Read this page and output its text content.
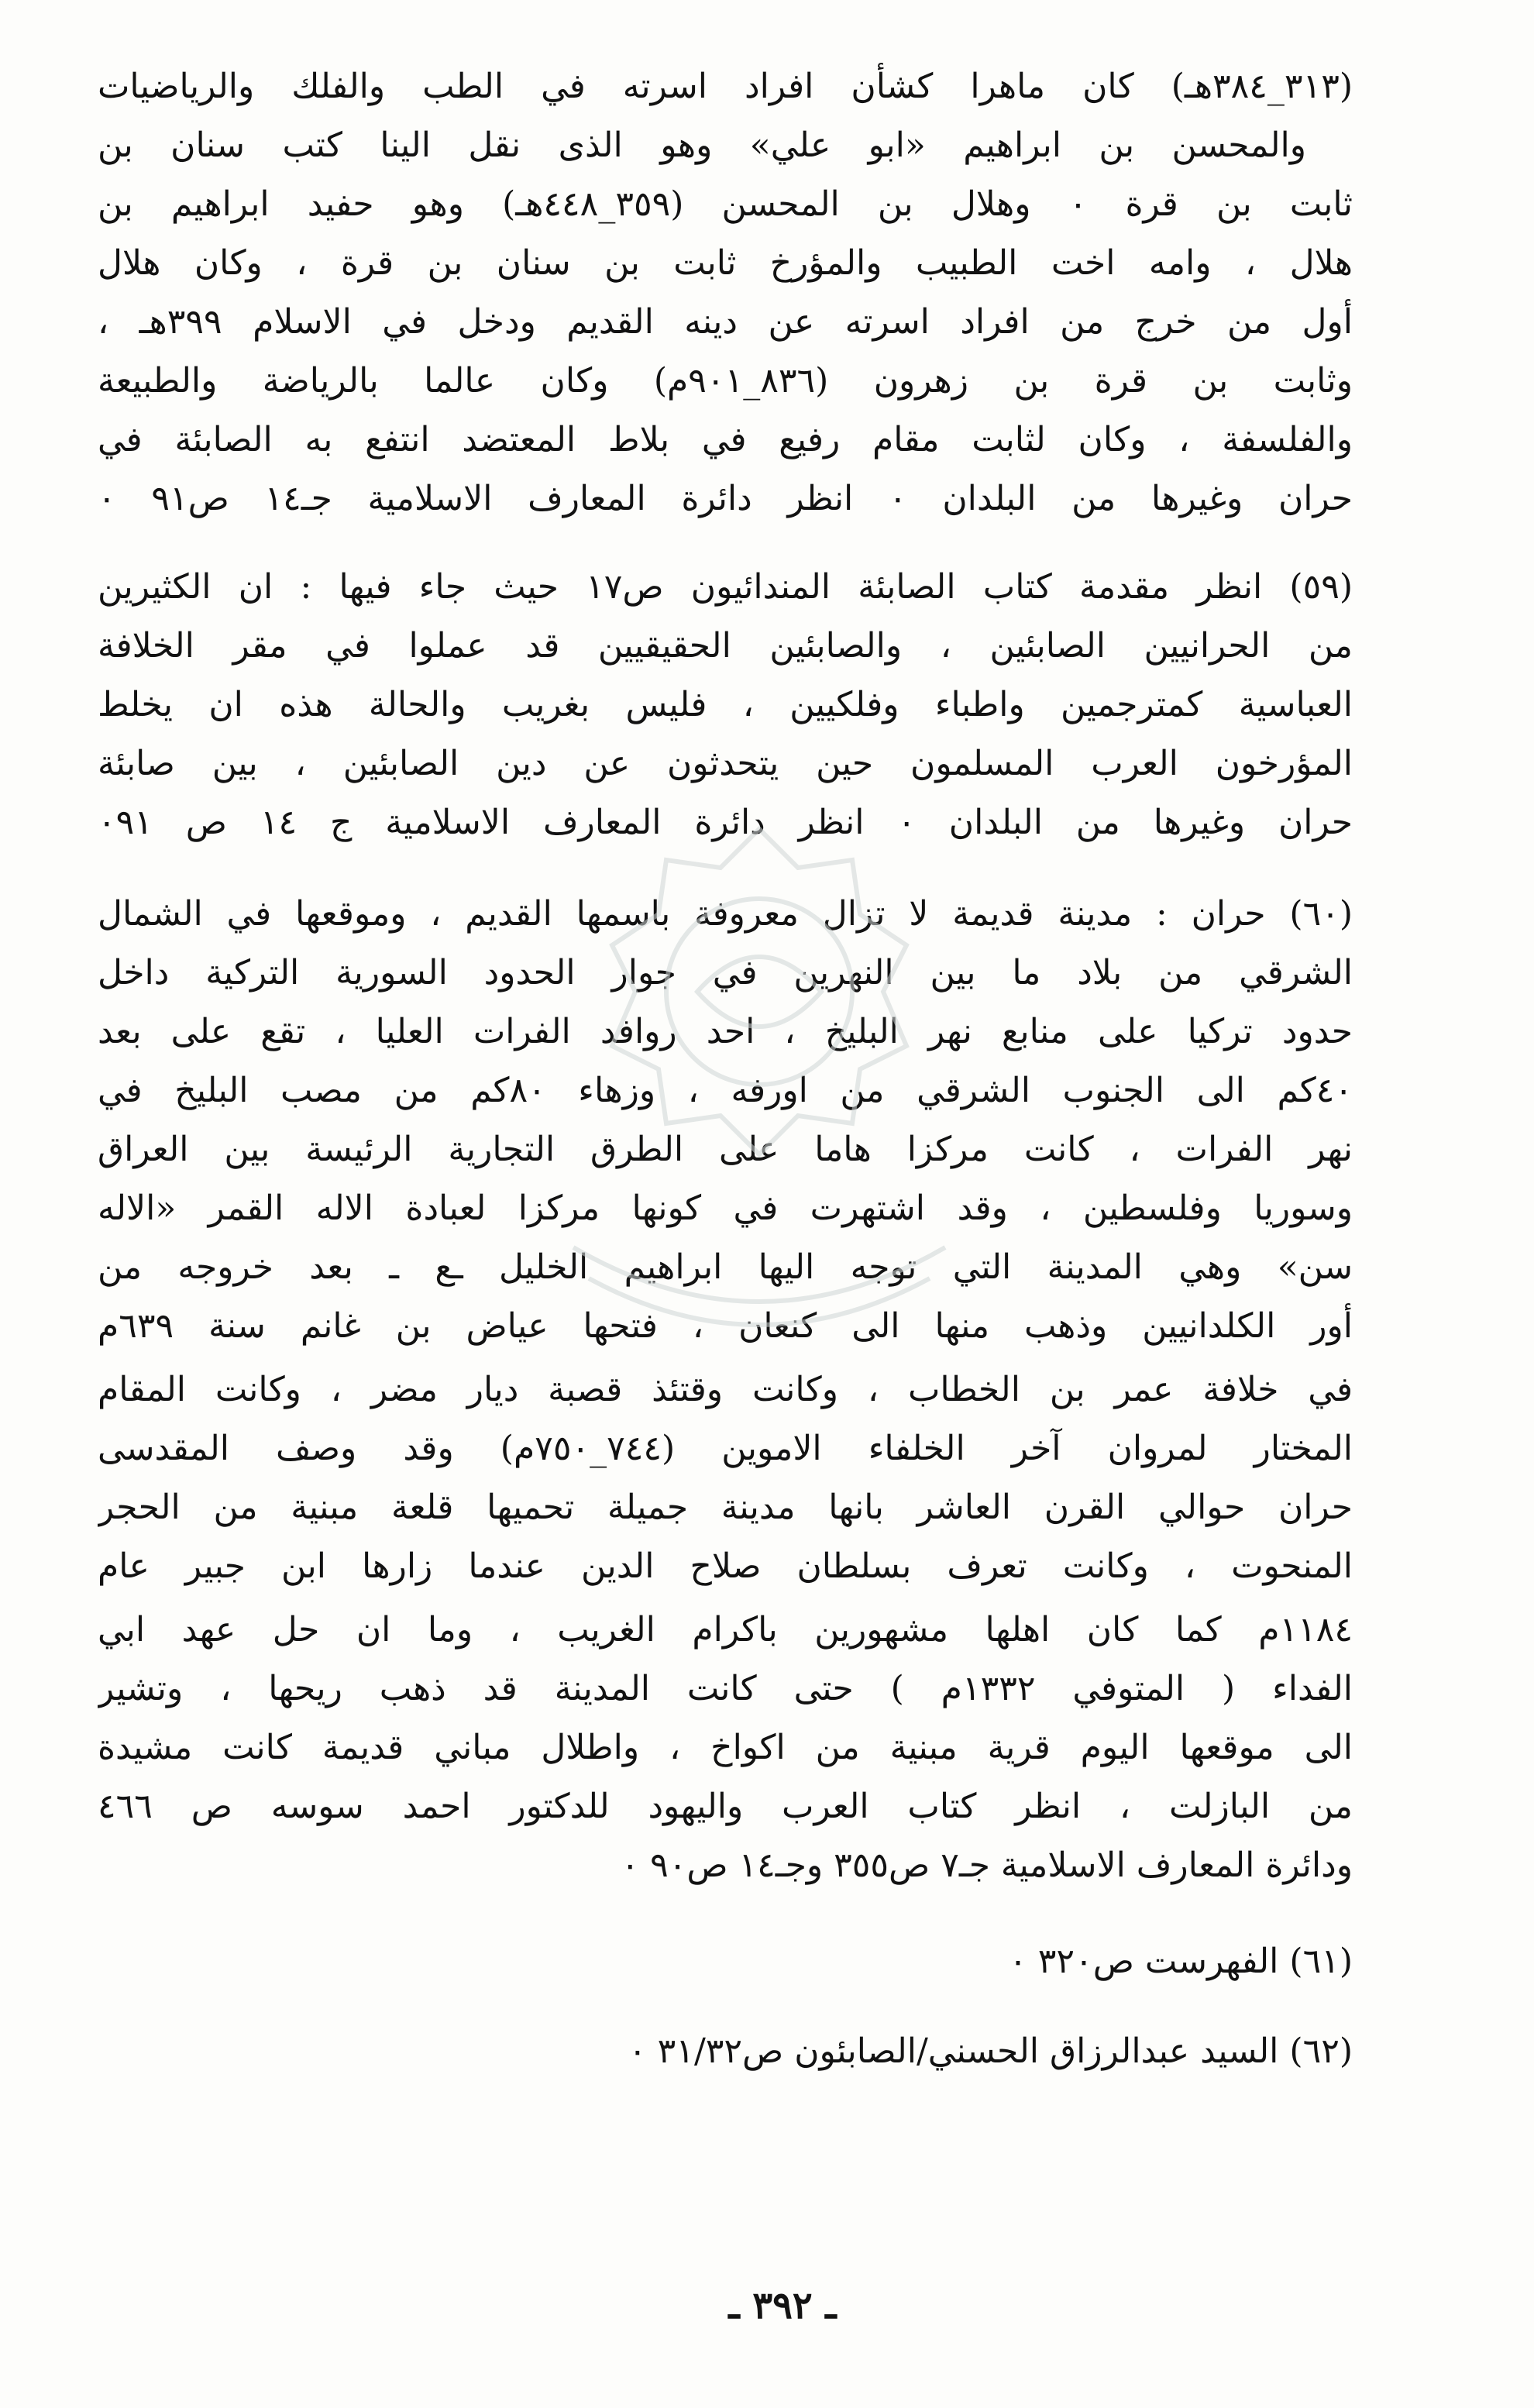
(٣١٣_٣٨٤هـ) كان ماهرا كشأن افراد اسرته في الطب والفلك والرياضيات
والمحسن بن ابراهيم «ابو علي» وهو الذى نقل الينا كتب سنان بن
ثابت بن قرة ٠ وهلال بن المحسن (٣٥٩_٤٤٨هـ) وهو حفيد ابراهيم بن
هلال ، وامه اخت الطبيب والمؤرخ ثابت بن سنان بن قرة ، وكان هلال
أول من خرج من افراد اسرته عن دينه القديم ودخل في الاسلام ٣٩٩هـ ،
وثابت بن قرة بن زهرون (٨٣٦_٩٠١م) وكان عالما بالرياضة والطبيعة
والفلسفة ، وكان لثابت مقام رفيع في بلاط المعتضد انتفع به الصابئة في
حران وغيرها من البلدان ٠ انظر دائرة المعارف الاسلامية جـ١٤ ص٩١ ٠
(٥٩) انظر مقدمة كتاب الصابئة المندائيون ص١٧ حيث جاء فيها : ان الكثيرين
من الحرانيين الصابئين ، والصابئين الحقيقيين قد عملوا في مقر الخلافة
العباسية كمترجمين واطباء وفلكيين ، فليس بغريب والحالة هذه ان يخلط
المؤرخون العرب المسلمون حين يتحدثون عن دين الصابئين ، بين صابئة
حران وغيرها من البلدان ٠ انظر دائرة المعارف الاسلامية ج ١٤ ص ٠٩١
(٦٠) حران : مدينة قديمة لا تزال معروفة باسمها القديم ، وموقعها في الشمال
الشرقي من بلاد ما بين النهرين في جوار الحدود السورية التركية داخل
حدود تركيا على منابع نهر البليخ ، احد روافد الفرات العليا ، تقع على بعد
٤٠كم الى الجنوب الشرقي من اورفه ، وزهاء ٨٠كم من مصب البليخ في
نهر الفرات ، كانت مركزا هاما على الطرق التجارية الرئيسة بين العراق
وسوريا وفلسطين ، وقد اشتهرت في كونها مركزا لعبادة الاله القمر «الاله
سن» وهي المدينة التي توجه اليها ابراهيم الخليل ـع ـ بعد خروجه من
أور الكلدانيين وذهب منها الى كنعان ، فتحها عياض بن غانم سنة ٦٣٩م
في خلافة عمر بن الخطاب ، وكانت وقتئذ قصبة ديار مضر ، وكانت المقام
المختار لمروان آخر الخلفاء الاموين (٧٤٤_٧٥٠م) وقد وصف المقدسى
حران حوالي القرن العاشر بانها مدينة جميلة تحميها قلعة مبنية من الحجر
المنحوت ، وكانت تعرف بسلطان صلاح الدين عندما زارها ابن جبير عام
١١٨٤م كما كان اهلها مشهورين باكرام الغريب ، وما ان حل عهد ابي
الفداء ( المتوفي ١٣٣٢م ) حتى كانت المدينة قد ذهب ريحها ، وتشير
الى موقعها اليوم قرية مبنية من اكواخ ، واطلال مباني قديمة كانت مشيدة
من البازلت ، انظر كتاب العرب واليهود للدكتور احمد سوسه ص ٤٦٦
ودائرة المعارف الاسلامية جـ٧ ص٣٥٥ وجـ١٤ ص٩٠ ٠
(٦١) الفهرست ص٣٢٠ ٠
(٦٢) السيد عبدالرزاق الحسني/الصابئون ص٣١/٣٢ ٠
ـ ٣٩٢ ـ
